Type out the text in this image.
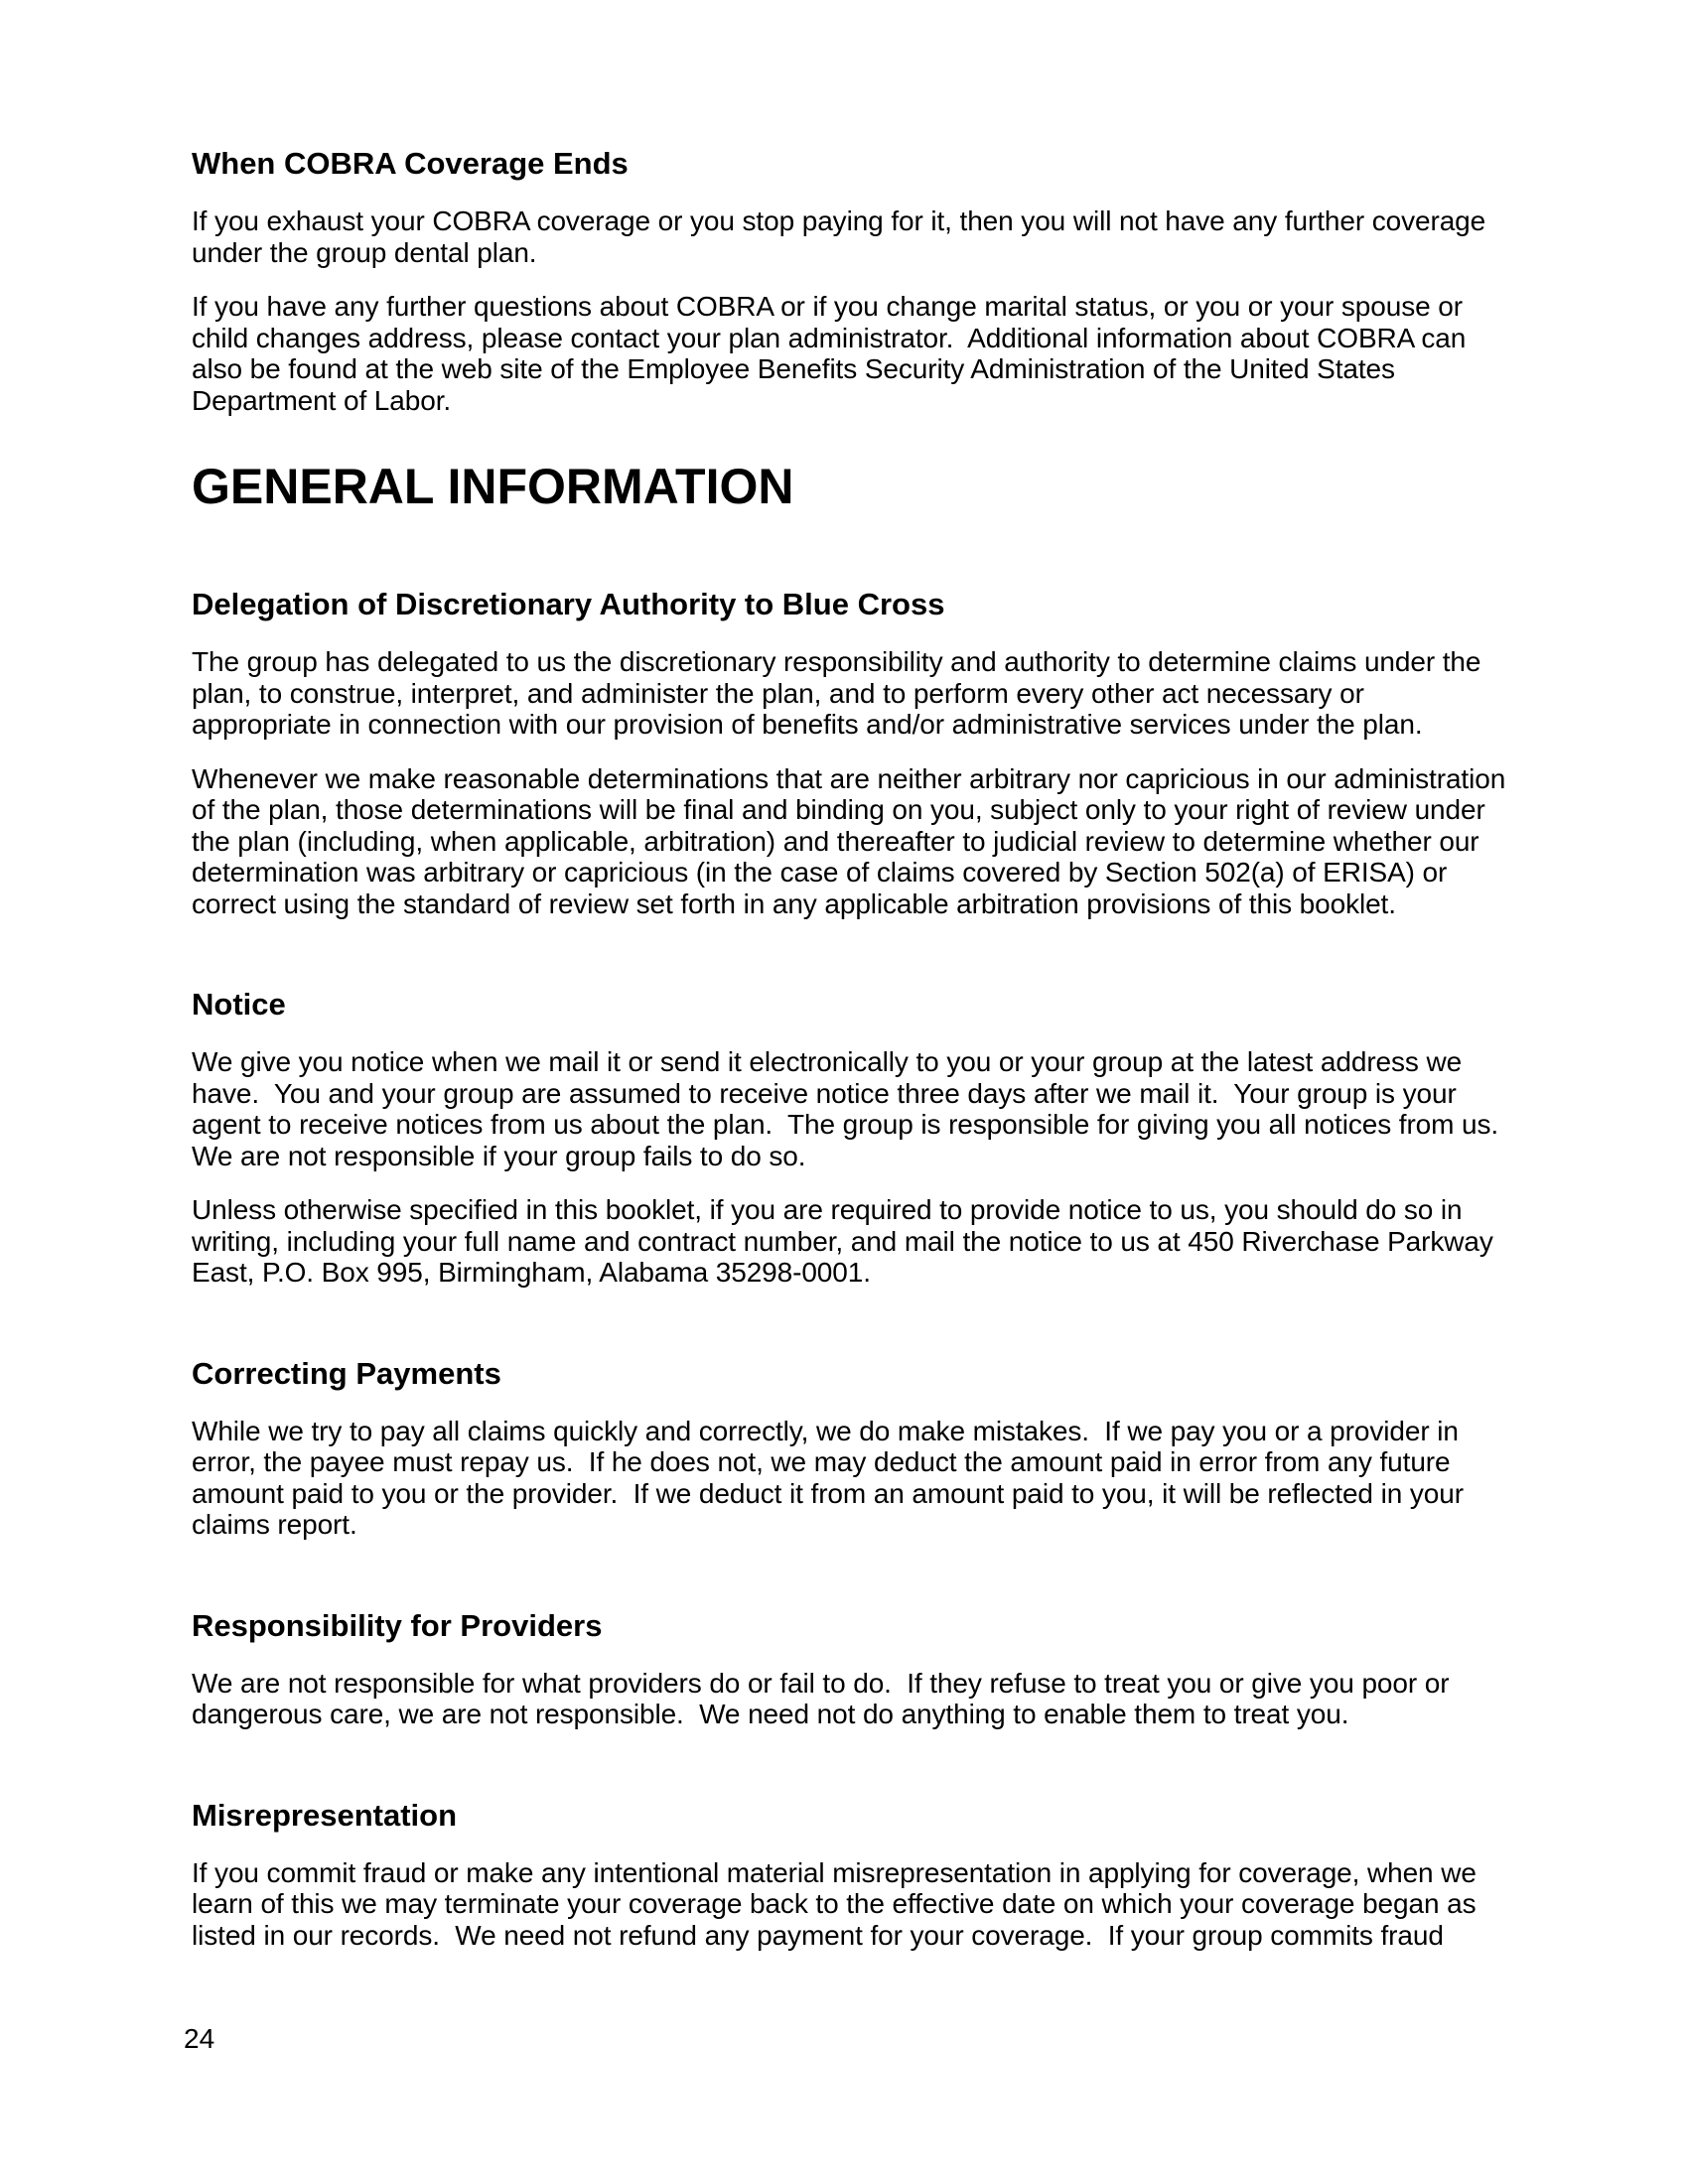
When COBRA Coverage Ends

If you exhaust your COBRA coverage or you stop paying for it, then you will not have any further coverage under the group dental plan.

If you have any further questions about COBRA or if you change marital status, or you or your spouse or child changes address, please contact your plan administrator.  Additional information about COBRA can also be found at the web site of the Employee Benefits Security Administration of the United States Department of Labor.

GENERAL INFORMATION
Delegation of Discretionary Authority to Blue Cross

The group has delegated to us the discretionary responsibility and authority to determine claims under the plan, to construe, interpret, and administer the plan, and to perform every other act necessary or appropriate in connection with our provision of benefits and/or administrative services under the plan.

Whenever we make reasonable determinations that are neither arbitrary nor capricious in our administration of the plan, those determinations will be final and binding on you, subject only to your right of review under the plan (including, when applicable, arbitration) and thereafter to judicial review to determine whether our determination was arbitrary or capricious (in the case of claims covered by Section 502(a) of ERISA) or correct using the standard of review set forth in any applicable arbitration provisions of this booklet.

Notice

We give you notice when we mail it or send it electronically to you or your group at the latest address we have.  You and your group are assumed to receive notice three days after we mail it.  Your group is your agent to receive notices from us about the plan.  The group is responsible for giving you all notices from us.  We are not responsible if your group fails to do so.

Unless otherwise specified in this booklet, if you are required to provide notice to us, you should do so in writing, including your full name and contract number, and mail the notice to us at 450 Riverchase Parkway East, P.O. Box 995, Birmingham, Alabama 35298-0001.

Correcting Payments

While we try to pay all claims quickly and correctly, we do make mistakes.  If we pay you or a provider in error, the payee must repay us.  If he does not, we may deduct the amount paid in error from any future amount paid to you or the provider.  If we deduct it from an amount paid to you, it will be reflected in your claims report.

Responsibility for Providers

We are not responsible for what providers do or fail to do.  If they refuse to treat you or give you poor or dangerous care, we are not responsible.  We need not do anything to enable them to treat you.

Misrepresentation

If you commit fraud or make any intentional material misrepresentation in applying for coverage, when we learn of this we may terminate your coverage back to the effective date on which your coverage began as listed in our records.  We need not refund any payment for your coverage.  If your group commits fraud

24
